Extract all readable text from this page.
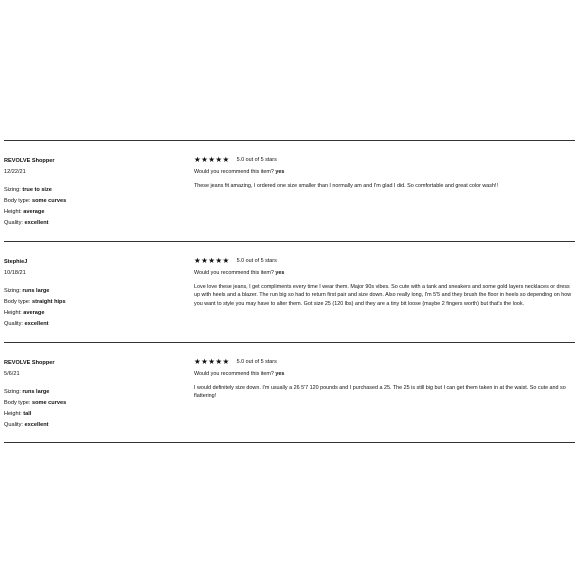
REVOLVE Shopper
12/22/21
Sizing: true to size
Body type: some curves
Height: average
Quality: excellent
★ ★ ★ ★ ★ 5.0 out of 5 stars
Would you recommend this item? yes

These jeans fit amazing, I ordered one size smaller than I normally am and I'm glad I did. So comfortable and great color wash!!

StephieJ
10/18/21
Sizing: runs large
Body type: straight hips
Height: average
Quality: excellent
★ ★ ★ ★ ★ 5.0 out of 5 stars
Would you recommend this item? yes

Love love these jeans, I get compliments every time I wear them. Major 90s vibes. So cute with a tank and sneakers and some gold layers necklaces or dress up with heels and a blazer. The run big so had to return first pair and size down. Also really long, I'm 5'5 and they brush the floor in heels so depending on how you want to style you may have to alter them. Got size 25 (120 lbs) and they are a tiny bit loose (maybe 2 fingers worth) but that's the look.

REVOLVE Shopper
5/6/21
Sizing: runs large
Body type: some curves
Height: tall
Quality: excellent
★ ★ ★ ★ ★ 5.0 out of 5 stars
Would you recommend this item? yes

I would definitely size down. I'm usually a 26 5'7 120 pounds and I purchased a 25. The 25 is still big but I can get them taken in at the waist. So cute and so flattering!
